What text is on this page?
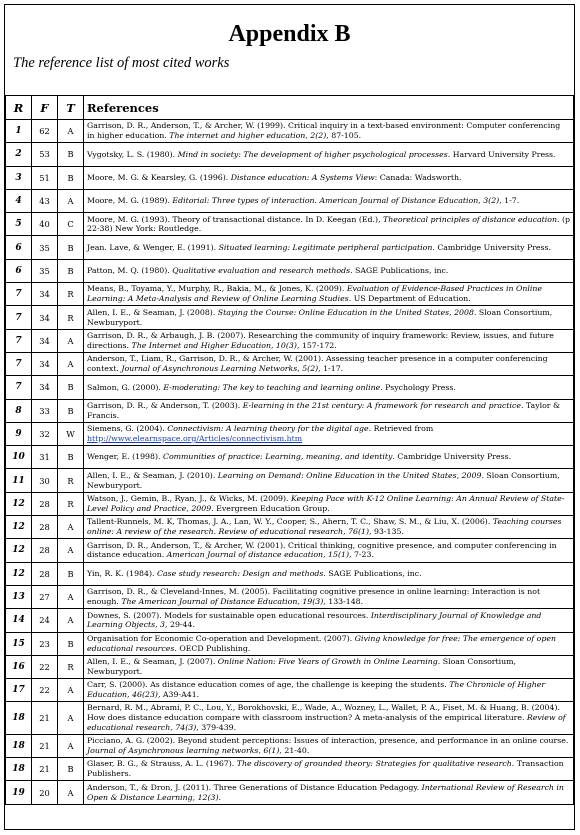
Appendix B
The reference list of most cited works
R	F	T	References
1	62	A	Garrison, D. R., Anderson, T., & Archer, W. (1999). Critical inquiry in a text-based environment: Computer conferencing in higher education. The internet and higher education, 2(2), 87-105.
2	53	B	Vygotsky, L. S. (1980). Mind in society: The development of higher psychological processes. Harvard University Press.
3	51	B	Moore, M. G. & Kearsley, G. (1996). Distance education: A Systems View: Canada: Wadsworth.
4	43	A	Moore, M. G. (1989). Editorial: Three types of interaction. American Journal of Distance Education, 3(2), 1-7.
5	40	C	Moore, M. G. (1993). Theory of transactional distance. In D. Keegan (Ed.), Theoretical principles of distance education. (p 22-38) New York: Routledge.
6	35	B	Jean. Lave, & Wenger, E. (1991). Situated learning: Legitimate peripheral participation. Cambridge University Press.
6	35	B	Patton, M. Q. (1980). Qualitative evaluation and research methods. SAGE Publications, inc.
7	34	R	Means, B., Toyama, Y., Murphy, R., Bakia, M., & Jones, K. (2009). Evaluation of Evidence-Based Practices in Online Learning: A Meta-Analysis and Review of Online Learning Studies. US Department of Education.
7	34	R	Allen, I. E., & Seaman, J. (2008). Staying the Course: Online Education in the United States, 2008. Sloan Consortium, Newburyport.
7	34	A	Garrison, D. R., & Arbaugh, J. B. (2007). Researching the community of inquiry framework: Review, issues, and future directions. The Internet and Higher Education, 10(3), 157-172.
7	34	A	Anderson, T., Liam, R., Garrison, D. R., & Archer, W. (2001). Assessing teacher presence in a computer conferencing context. Journal of Asynchronous Learning Networks, 5(2), 1-17.
7	34	B	Salmon, G. (2000). E-moderating: The key to teaching and learning online. Psychology Press.
8	33	B	Garrison, D. R., & Anderson, T. (2003). E-learning in the 21st century: A framework for research and practice. Taylor & Francis.
9	32	W	Siemens, G. (2004). Connectivism: A learning theory for the digital age. Retrieved from http://www.elearnspace.org/Articles/connectivism.htm
10	31	B	Wenger, E. (1998). Communities of practice: Learning, meaning, and identity. Cambridge University Press.
11	30	R	Allen, I. E., & Seaman, J. (2010). Learning on Demand: Online Education in the United States, 2009. Sloan Consortium, Newburyport.
12	28	R	Watson, J., Gemin, B., Ryan, J., & Wicks, M. (2009). Keeping Pace with K-12 Online Learning: An Annual Review of State-Level Policy and Practice, 2009. Evergreen Education Group.
12	28	A	Tallent-Runnels, M. K, Thomas, J. A., Lan, W. Y., Cooper, S., Ahern, T. C., Shaw, S. M., & Liu, X. (2006). Teaching courses online: A review of the research. Review of educational research, 76(1), 93-135.
12	28	A	Garrison, D. R., Anderson, T., & Archer, W. (2001). Critical thinking, cognitive presence, and computer conferencing in distance education. American Journal of distance education, 15(1), 7-23.
12	28	B	Yin, R. K. (1984). Case study research: Design and methods. SAGE Publications, inc.
13	27	A	Garrison, D. R., & Cleveland-Innes, M. (2005). Facilitating cognitive presence in online learning: Interaction is not enough. The American Journal of Distance Education, 19(3), 133-148.
14	24	A	Downes, S. (2007). Models for sustainable open educational resources. Interdisciplinary Journal of Knowledge and Learning Objects, 3, 29-44.
15	23	B	Organisation for Economic Co-operation and Development. (2007). Giving knowledge for free: The emergence of open educational resources. OECD Publishing.
16	22	R	Allen, I. E., & Seaman, J. (2007). Online Nation: Five Years of Growth in Online Learning. Sloan Consortium, Newburyport.
17	22	A	Carr, S. (2000). As distance education comes of age, the challenge is keeping the students. The Chronicle of Higher Education, 46(23), A39-A41.
18	21	A	Bernard, R. M., Abrami, P. C., Lou, Y., Borokhovski, E., Wade, A., Wozney, L., Wallet, P. A., Fiset, M. & Huang, B. (2004). How does distance education compare with classroom instruction? A meta-analysis of the empirical literature. Review of educational research, 74(3), 379-439.
18	21	A	Picciano, A. G. (2002). Beyond student perceptions: Issues of interaction, presence, and performance in an online course. Journal of Asynchronous learning networks, 6(1), 21-40.
18	21	B	Glaser, B. G., & Strauss, A. L. (1967). The discovery of grounded theory: Strategies for qualitative research. Transaction Publishers.
19	20	A	Anderson, T., & Dron, J. (2011). Three Generations of Distance Education Pedagogy. International Review of Research in Open & Distance Learning, 12(3).
